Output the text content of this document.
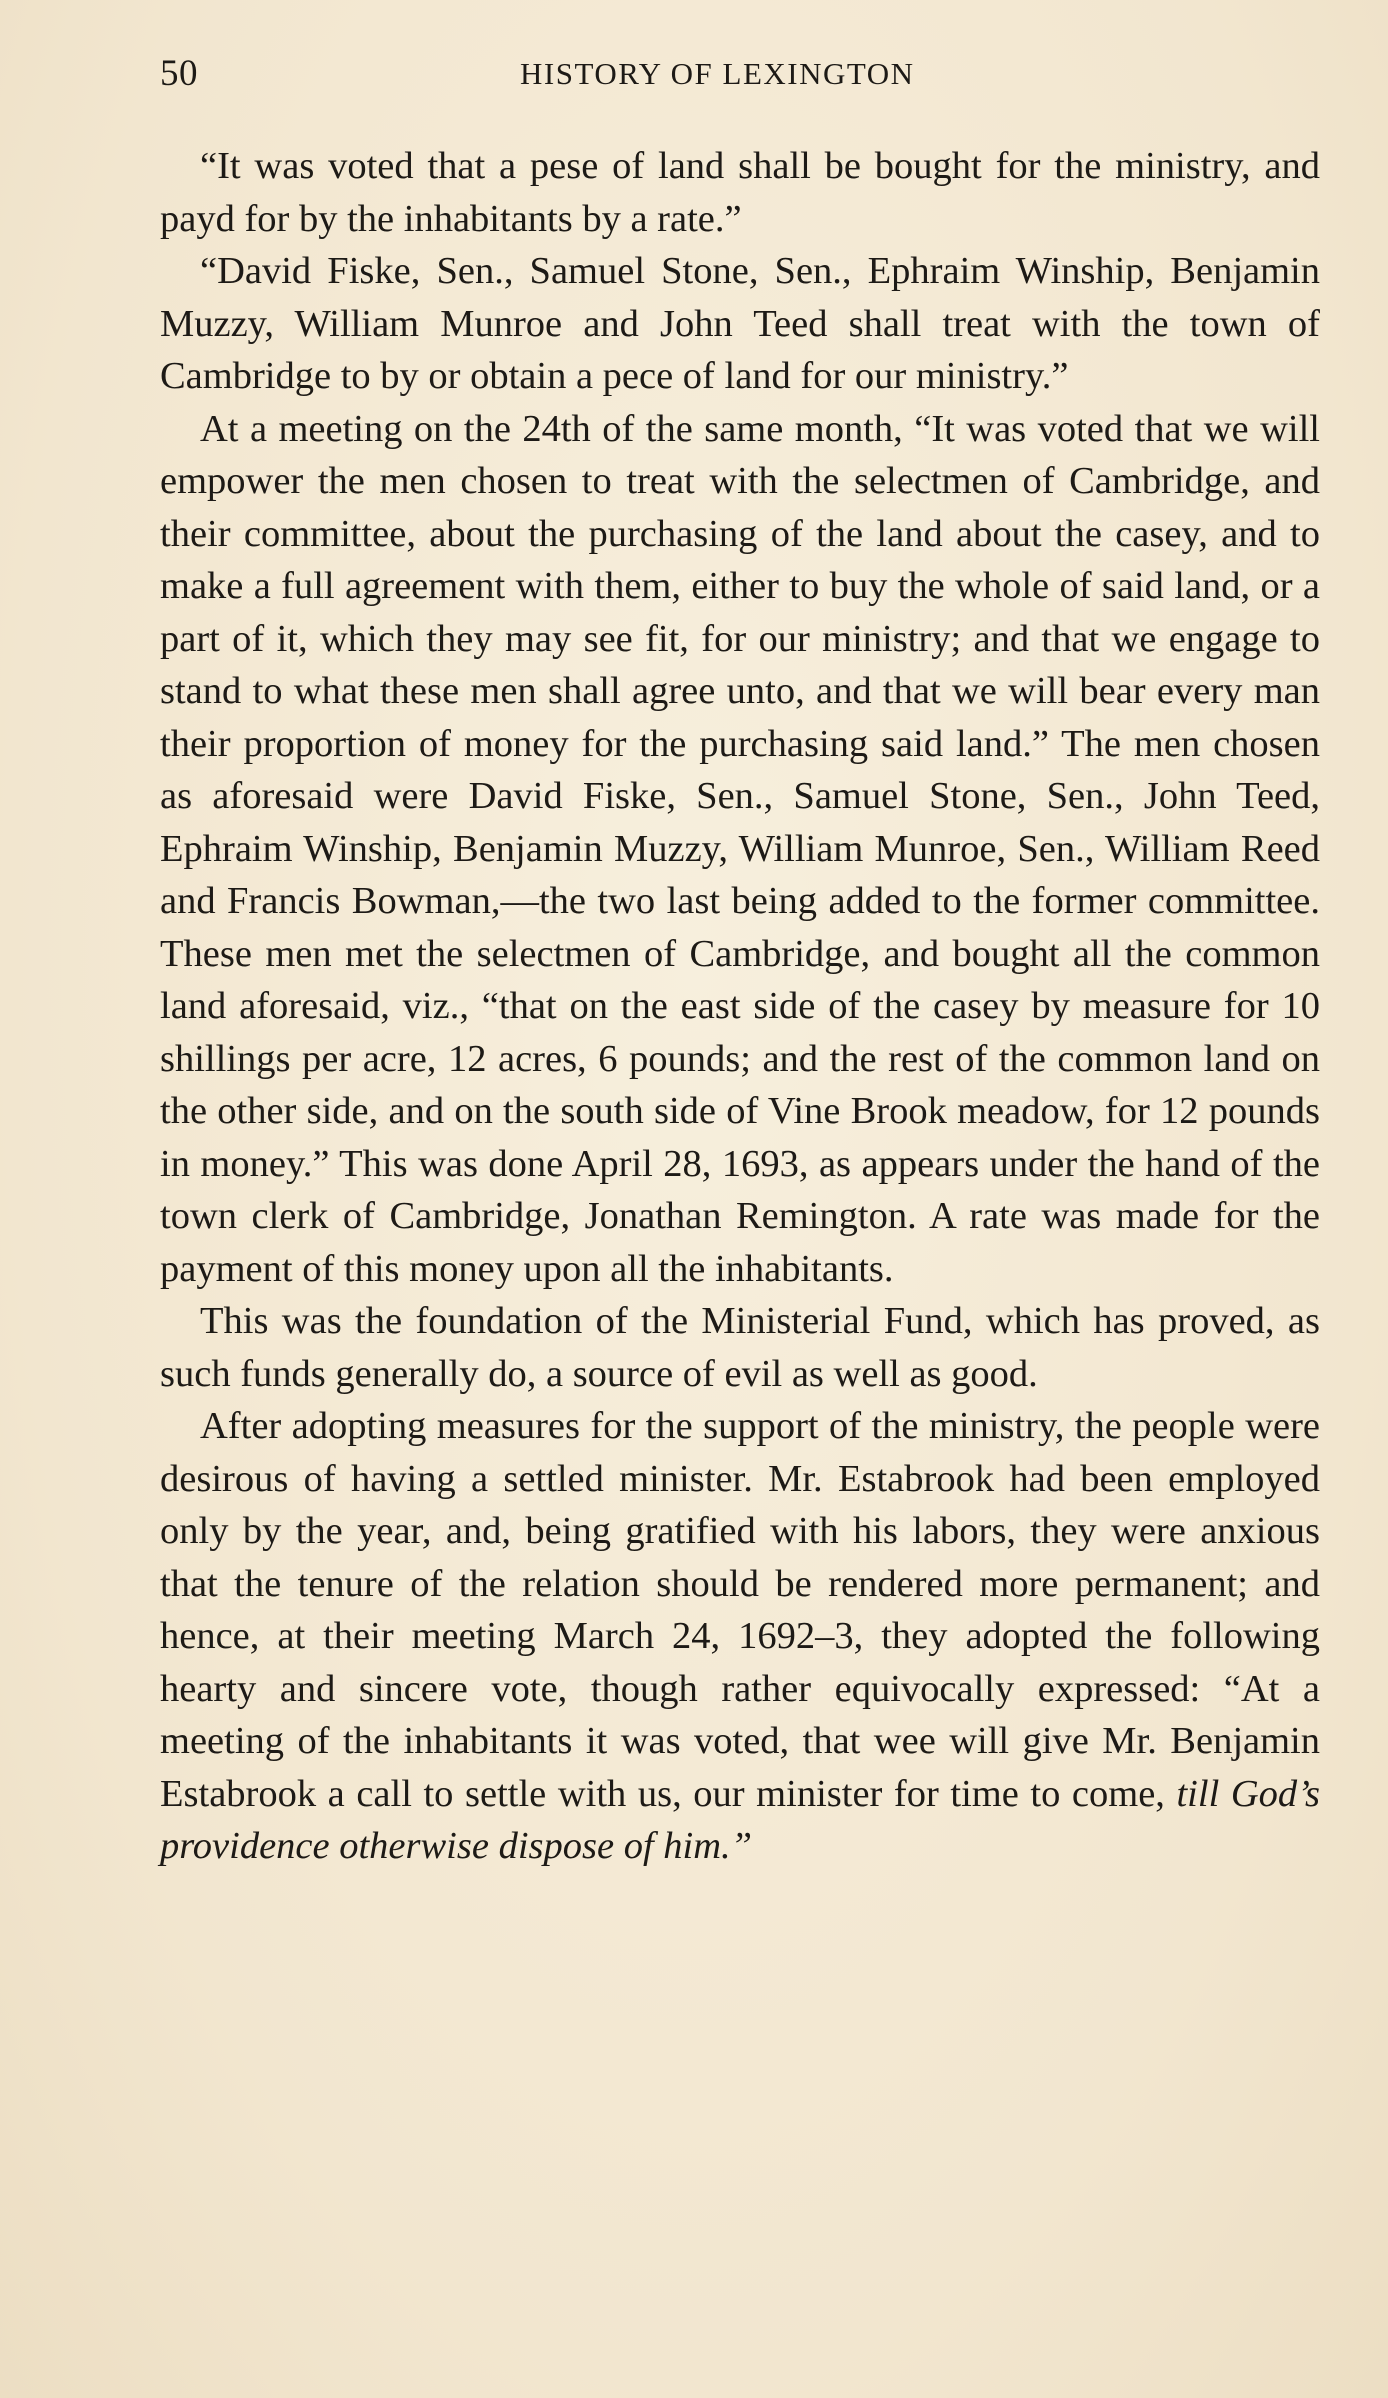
50	HISTORY OF LEXINGTON

“It was voted that a pese of land shall be bought for the ministry, and payd for by the inhabitants by a rate.”

“David Fiske, Sen., Samuel Stone, Sen., Ephraim Winship, Benjamin Muzzy, William Munroe and John Teed shall treat with the town of Cambridge to by or obtain a pece of land for our ministry.”

At a meeting on the 24th of the same month, “It was voted that we will empower the men chosen to treat with the selectmen of Cambridge, and their committee, about the purchasing of the land about the casey, and to make a full agreement with them, either to buy the whole of said land, or a part of it, which they may see fit, for our ministry; and that we engage to stand to what these men shall agree unto, and that we will bear every man their proportion of money for the purchasing said land.” The men chosen as aforesaid were David Fiske, Sen., Samuel Stone, Sen., John Teed, Ephraim Winship, Benjamin Muzzy, William Munroe, Sen., William Reed and Francis Bowman,—the two last being added to the former committee. These men met the selectmen of Cambridge, and bought all the common land aforesaid, viz., “that on the east side of the casey by measure for 10 shillings per acre, 12 acres, 6 pounds; and the rest of the common land on the other side, and on the south side of Vine Brook meadow, for 12 pounds in money.” This was done April 28, 1693, as appears under the hand of the town clerk of Cambridge, Jonathan Remington. A rate was made for the payment of this money upon all the inhabitants.

This was the foundation of the Ministerial Fund, which has proved, as such funds generally do, a source of evil as well as good.

After adopting measures for the support of the ministry, the people were desirous of having a settled minister. Mr. Estabrook had been employed only by the year, and, being gratified with his labors, they were anxious that the tenure of the relation should be rendered more permanent; and hence, at their meeting March 24, 1692–3, they adopted the following hearty and sincere vote, though rather equivocally expressed: “At a meeting of the inhabitants it was voted, that wee will give Mr. Benjamin Estabrook a call to settle with us, our minister for time to come, till God’s providence otherwise dispose of him.”
